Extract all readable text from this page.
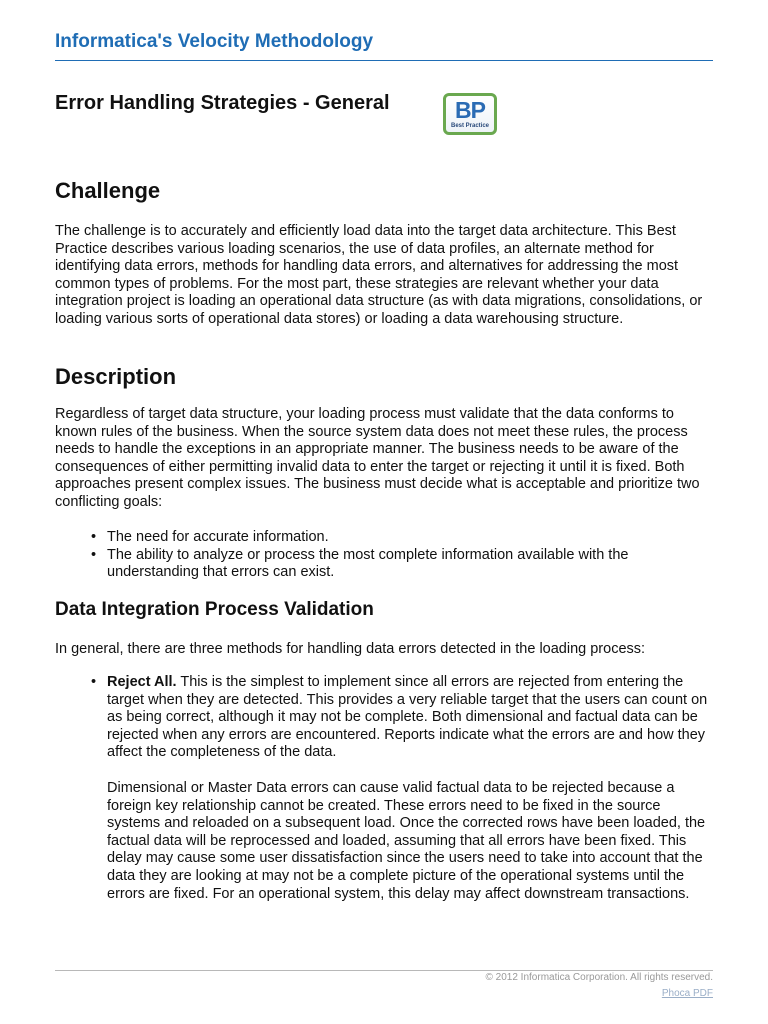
Informatica's Velocity Methodology
Error Handling Strategies - General	BP
Best Practice
Challenge

The challenge is to accurately and efficiently load data into the target data architecture. This Best Practice describes various loading scenarios, the use of data profiles, an alternate method for identifying data errors, methods for handling data errors, and alternatives for addressing the most common types of problems. For the most part, these strategies are relevant whether your data integration project is loading an operational data structure (as with data migrations, consolidations, or loading various sorts of operational data stores) or loading a data warehousing structure.

Description

Regardless of target data structure, your loading process must validate that the data conforms to known rules of the business. When the source system data does not meet these rules, the process needs to handle the exceptions in an appropriate manner. The business needs to be aware of the consequences of either permitting invalid data to enter the target or rejecting it until it is fixed. Both approaches present complex issues. The business must decide what is acceptable and prioritize two conflicting goals:

• The need for accurate information.
• The ability to analyze or process the most complete information available with the understanding that errors can exist.
Data Integration Process Validation

In general, there are three methods for handling data errors detected in the loading process:

• Reject All. This is the simplest to implement since all errors are rejected from entering the target when they are detected. This provides a very reliable target that the users can count on as being correct, although it may not be complete. Both dimensional and factual data can be rejected when any errors are encountered. Reports indicate what the errors are and how they affect the completeness of the data.

Dimensional or Master Data errors can cause valid factual data to be rejected because a foreign key relationship cannot be created. These errors need to be fixed in the source systems and reloaded on a subsequent load. Once the corrected rows have been loaded, the factual data will be reprocessed and loaded, assuming that all errors have been fixed. This delay may cause some user dissatisfaction since the users need to take into account that the data they are looking at may not be a complete picture of the operational systems until the errors are fixed. For an operational system, this delay may affect downstream transactions.

© 2012 Informatica Corporation. All rights reserved.
Phoca PDF
